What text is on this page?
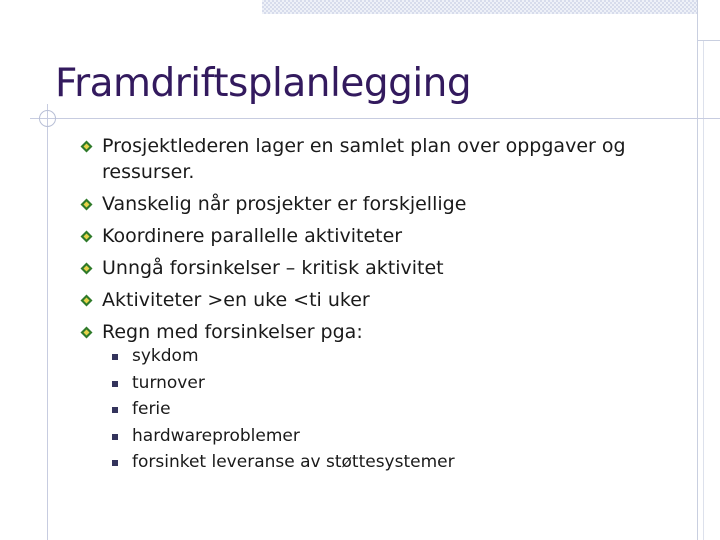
Framdriftsplanlegging
Prosjektlederen lager en samlet plan over oppgaver og ressurser.
Vanskelig når prosjekter er forskjellige
Koordinere parallelle aktiviteter
Unngå forsinkelser – kritisk aktivitet
Aktiviteter >en uke <ti uker
Regn med forsinkelser pga:
sykdom
turnover
ferie
hardwareproblemer
forsinket leveranse av støttesystemer
